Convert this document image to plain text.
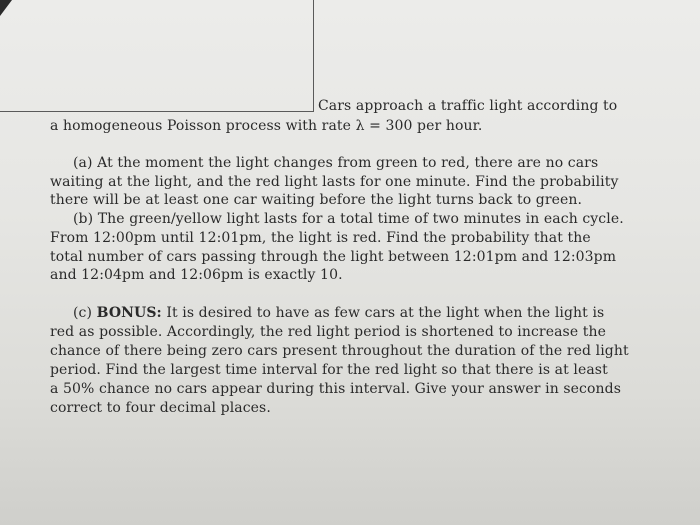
Cars approach a traffic light according to
a homogeneous Poisson process with rate λ = 300 per hour.
(a) At the moment the light changes from green to red, there are no cars
waiting at the light, and the red light lasts for one minute. Find the probability
there will be at least one car waiting before the light turns back to green.
(b) The green/yellow light lasts for a total time of two minutes in each cycle.
From 12:00pm until 12:01pm, the light is red. Find the probability that the
total number of cars passing through the light between 12:01pm and 12:03pm
and 12:04pm and 12:06pm is exactly 10.
(c) BONUS: It is desired to have as few cars at the light when the light is
red as possible. Accordingly, the red light period is shortened to increase the
chance of there being zero cars present throughout the duration of the red light
period. Find the largest time interval for the red light so that there is at least
a 50% chance no cars appear during this interval. Give your answer in seconds
correct to four decimal places.
